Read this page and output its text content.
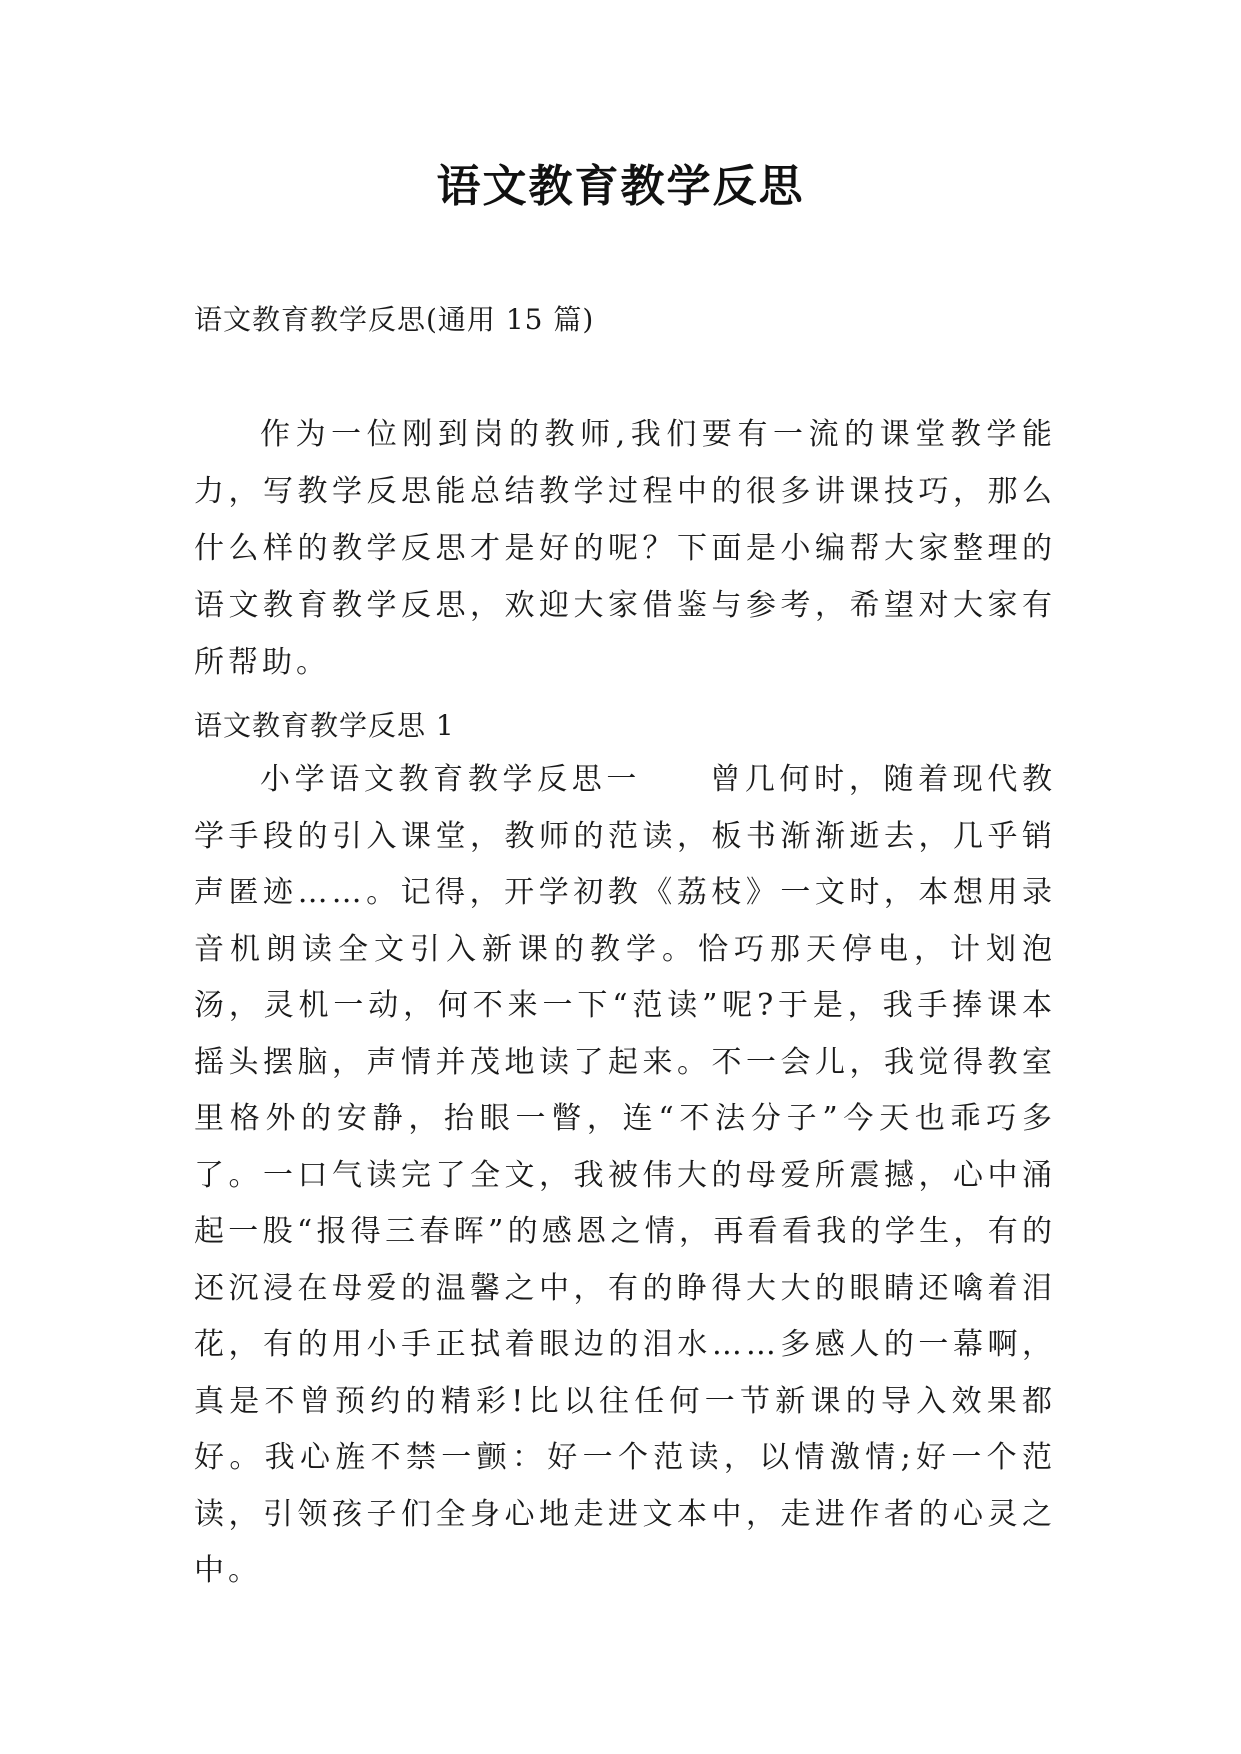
语文教育教学反思
语文教育教学反思(通用 15 篇)
作为一位刚到岗的教师,我们要有一流的课堂教学能力，写教学反思能总结教学过程中的很多讲课技巧，那么什么样的教学反思才是好的呢？下面是小编帮大家整理的语文教育教学反思，欢迎大家借鉴与参考，希望对大家有所帮助。
语文教育教学反思 1
小学语文教育教学反思一　　曾几何时，随着现代教学手段的引入课堂，教师的范读，板书渐渐逝去，几乎销声匿迹……。记得，开学初教《荔枝》一文时，本想用录音机朗读全文引入新课的教学。恰巧那天停电，计划泡汤，灵机一动，何不来一下“范读”呢?于是，我手捧课本摇头摆脑，声情并茂地读了起来。不一会儿，我觉得教室里格外的安静，抬眼一瞥，连“不法分子”今天也乖巧多了。一口气读完了全文，我被伟大的母爱所震撼，心中涌起一股“报得三春晖”的感恩之情，再看看我的学生，有的还沉浸在母爱的温馨之中，有的睁得大大的眼睛还噙着泪花，有的用小手正拭着眼边的泪水……多感人的一幕啊，真是不曾预约的精彩!比以往任何一节新课的导入效果都好。我心旌不禁一颤：好一个范读，以情激情;好一个范读，引领孩子们全身心地走进文本中，走进作者的心灵之中。
